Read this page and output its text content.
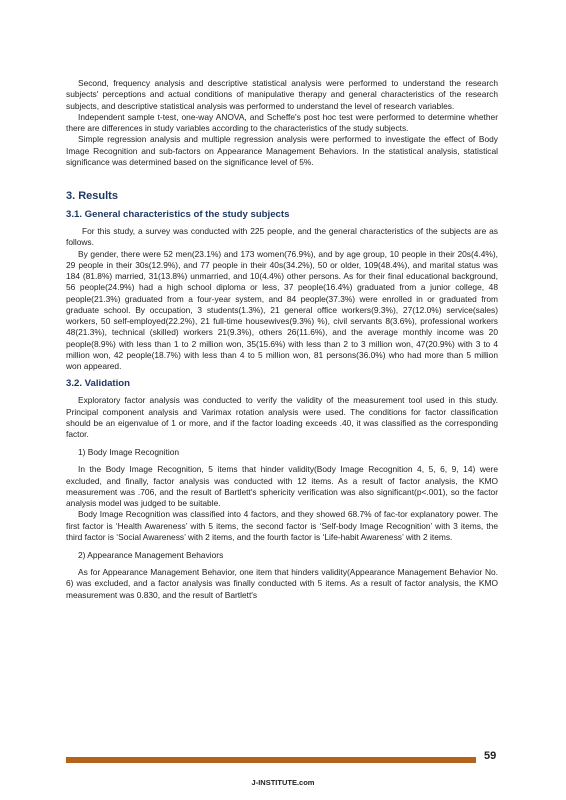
Second, frequency analysis and descriptive statistical analysis were performed to understand the research subjects' perceptions and actual conditions of manipulative therapy and general characteristics of the research subjects, and descriptive statistical analysis was performed to understand the level of research variables.

Independent sample t-test, one-way ANOVA, and Scheffe's post hoc test were performed to determine whether there are differences in study variables according to the characteristics of the study subjects.

Simple regression analysis and multiple regression analysis were performed to investigate the effect of Body Image Recognition and sub-factors on Appearance Management Behaviors. In the statistical analysis, statistical significance was determined based on the significance level of 5%.

3. Results
3.1. General characteristics of the study subjects

For this study, a survey was conducted with 225 people, and the general characteristics of the subjects are as follows.

By gender, there were 52 men(23.1%) and 173 women(76.9%), and by age group, 10 people in their 20s(4.4%), 29 people in their 30s(12.9%), and 77 people in their 40s(34.2%), 50 or older, 109(48.4%), and marital status was 184 (81.8%) married, 31(13.8%) unmarried, and 10(4.4%) other persons. As for their final educational background, 56 people(24.9%) had a high school diploma or less, 37 people(16.4%) graduated from a junior college, 48 people(21.3%) graduated from a four-year system, and 84 people(37.3%) were enrolled in or graduated from graduate school. By occupation, 3 students(1.3%), 21 general office workers(9.3%), 27(12.0%) service(sales) workers, 50 self-employed(22.2%), 21 full-time housewives(9.3%) %), civil servants 8(3.6%), professional workers 48(21.3%), technical (skilled) workers 21(9.3%), others 26(11.6%), and the average monthly income was 20 people(8.9%) with less than 1 to 2 million won, 35(15.6%) with less than 2 to 3 million won, 47(20.9%) with 3 to 4 million won, 42 people(18.7%) with less than 4 to 5 million won, 81 persons(36.0%) who had more than 5 million won appeared.

3.2. Validation

Exploratory factor analysis was conducted to verify the validity of the measurement tool used in this study. Principal component analysis and Varimax rotation analysis were used. The conditions for factor classification should be an eigenvalue of 1 or more, and if the factor loading exceeds .40, it was classified as the corresponding factor.

1) Body Image Recognition

In the Body Image Recognition, 5 items that hinder validity(Body Image Recognition 4, 5, 6, 9, 14) were excluded, and finally, factor analysis was conducted with 12 items. As a result of factor analysis, the KMO measurement was .706, and the result of Bartlett's sphericity verification was also significant(p<.001), so the factor analysis model was judged to be suitable.

Body Image Recognition was classified into 4 factors, and they showed 68.7% of fac-tor explanatory power. The first factor is ‘Health Awareness’ with 5 items, the second factor is ‘Self-body Image Recognition’ with 3 items, the third factor is ‘Social Awareness’ with 2 items, and the fourth factor is ‘Life-habit Awareness’ with 2 items.

2) Appearance Management Behaviors

As for Appearance Management Behavior, one item that hinders validity(Appearance Management Behavior No. 6) was excluded, and a factor analysis was finally conducted with 5 items. As a result of factor analysis, the KMO measurement was 0.830, and the result of Bartlett's

59
J-INSTITUTE.com
